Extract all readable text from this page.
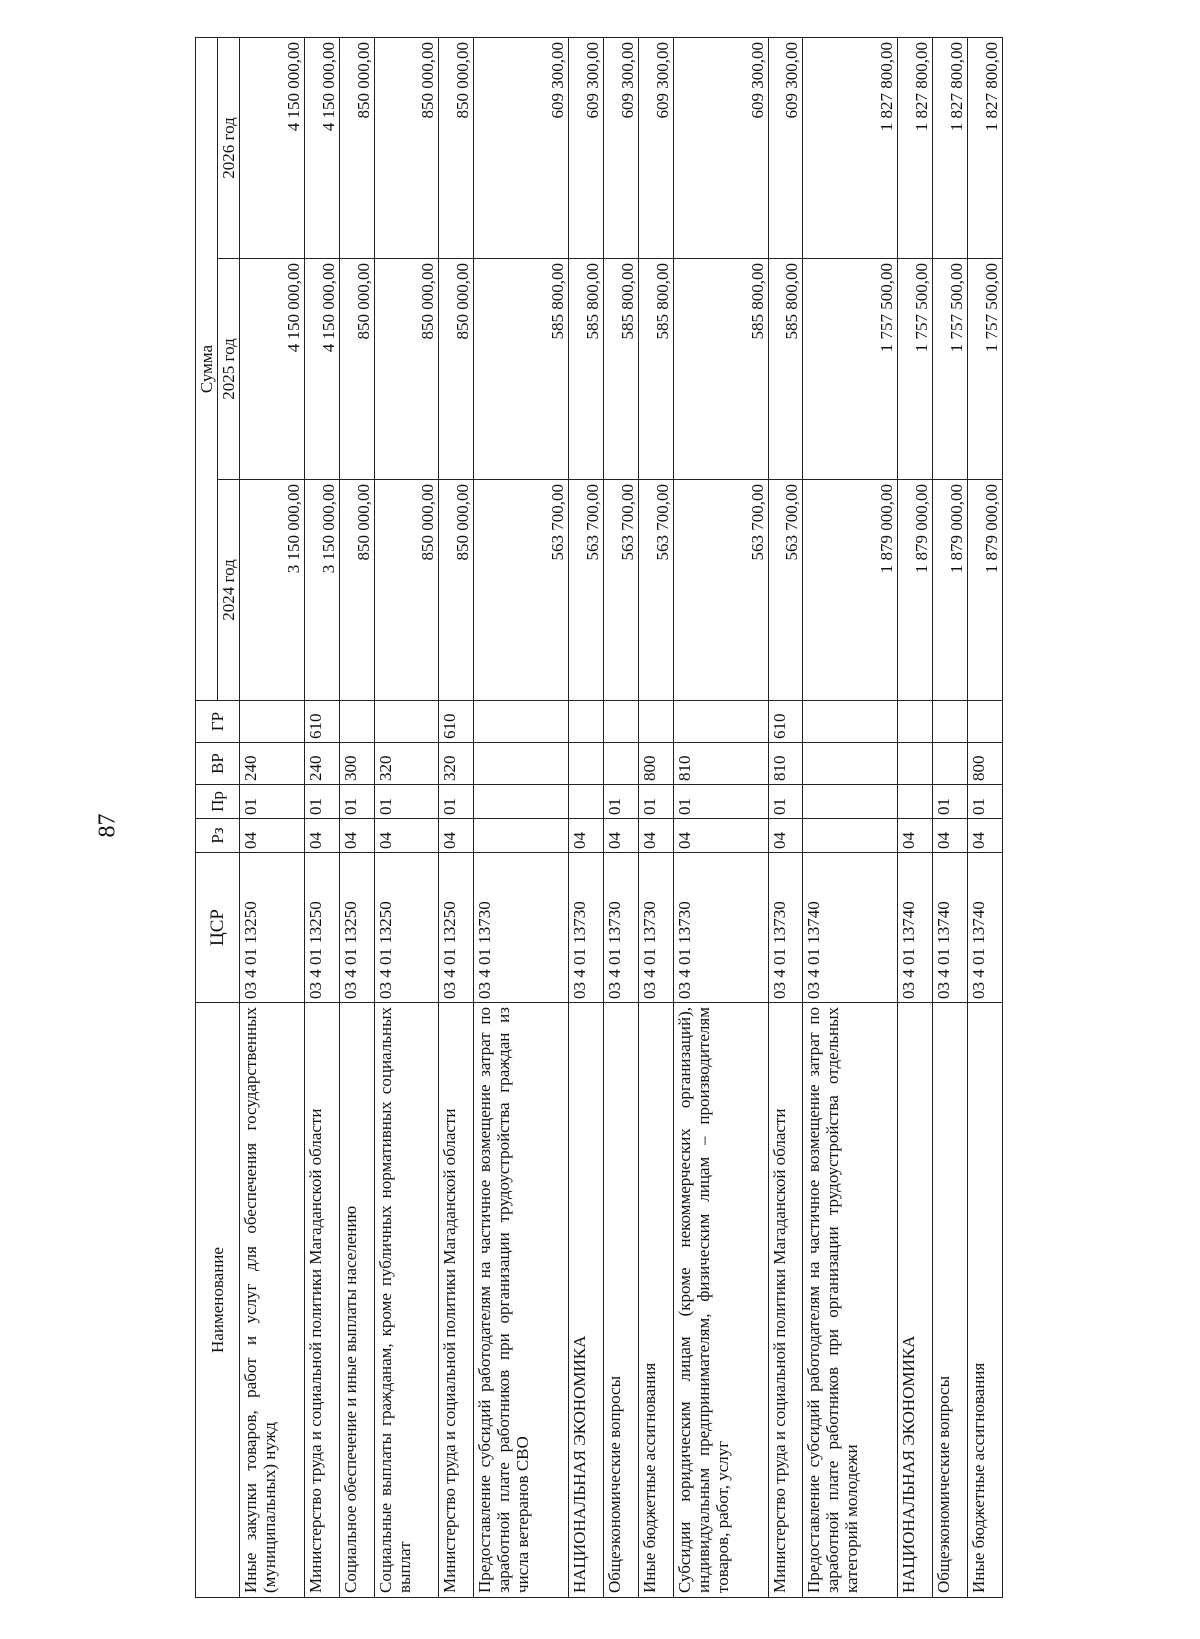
87
Наименование	ЦСР	Рз	Пр	ВР	ГР	Сумма		
						2024 год	2025 год	2026 год
Иные закупки товаров, работ и услуг для обеспечения государственных (муниципальных) нужд	03 4 01 13250	04	01	240		3 150 000,00	4 150 000,00	4 150 000,00
Министерство труда и социальной политики Магаданской области	03 4 01 13250	04	01	240	610	3 150 000,00	4 150 000,00	4 150 000,00
Социальное обеспечение и иные выплаты населению	03 4 01 13250	04	01	300		850 000,00	850 000,00	850 000,00
Социальные выплаты гражданам, кроме публичных нормативных социальных выплат	03 4 01 13250	04	01	320		850 000,00	850 000,00	850 000,00
Министерство труда и социальной политики Магаданской области	03 4 01 13250	04	01	320	610	850 000,00	850 000,00	850 000,00
Предоставление субсидий работодателям на частичное возмещение затрат по заработной плате работников при организации трудоустройства граждан из числа ветеранов СВО	03 4 01 13730					563 700,00	585 800,00	609 300,00
НАЦИОНАЛЬНАЯ ЭКОНОМИКА	03 4 01 13730	04				563 700,00	585 800,00	609 300,00
Общеэкономические вопросы	03 4 01 13730	04	01			563 700,00	585 800,00	609 300,00
Иные бюджетные ассигнования	03 4 01 13730	04	01	800		563 700,00	585 800,00	609 300,00
Субсидии юридическим лицам (кроме некоммерческих организаций), индивидуальным предпринимателям, физическим лицам – производителям товаров, работ, услуг	03 4 01 13730	04	01	810		563 700,00	585 800,00	609 300,00
Министерство труда и социальной политики Магаданской области	03 4 01 13730	04	01	810	610	563 700,00	585 800,00	609 300,00
Предоставление субсидий работодателям на частичное возмещение затрат по заработной плате работников при организации трудоустройства отдельных категорий молодежи	03 4 01 13740					1 879 000,00	1 757 500,00	1 827 800,00
НАЦИОНАЛЬНАЯ ЭКОНОМИКА	03 4 01 13740	04				1 879 000,00	1 757 500,00	1 827 800,00
Общеэкономические вопросы	03 4 01 13740	04	01			1 879 000,00	1 757 500,00	1 827 800,00
Иные бюджетные ассигнования	03 4 01 13740	04	01	800		1 879 000,00	1 757 500,00	1 827 800,00
